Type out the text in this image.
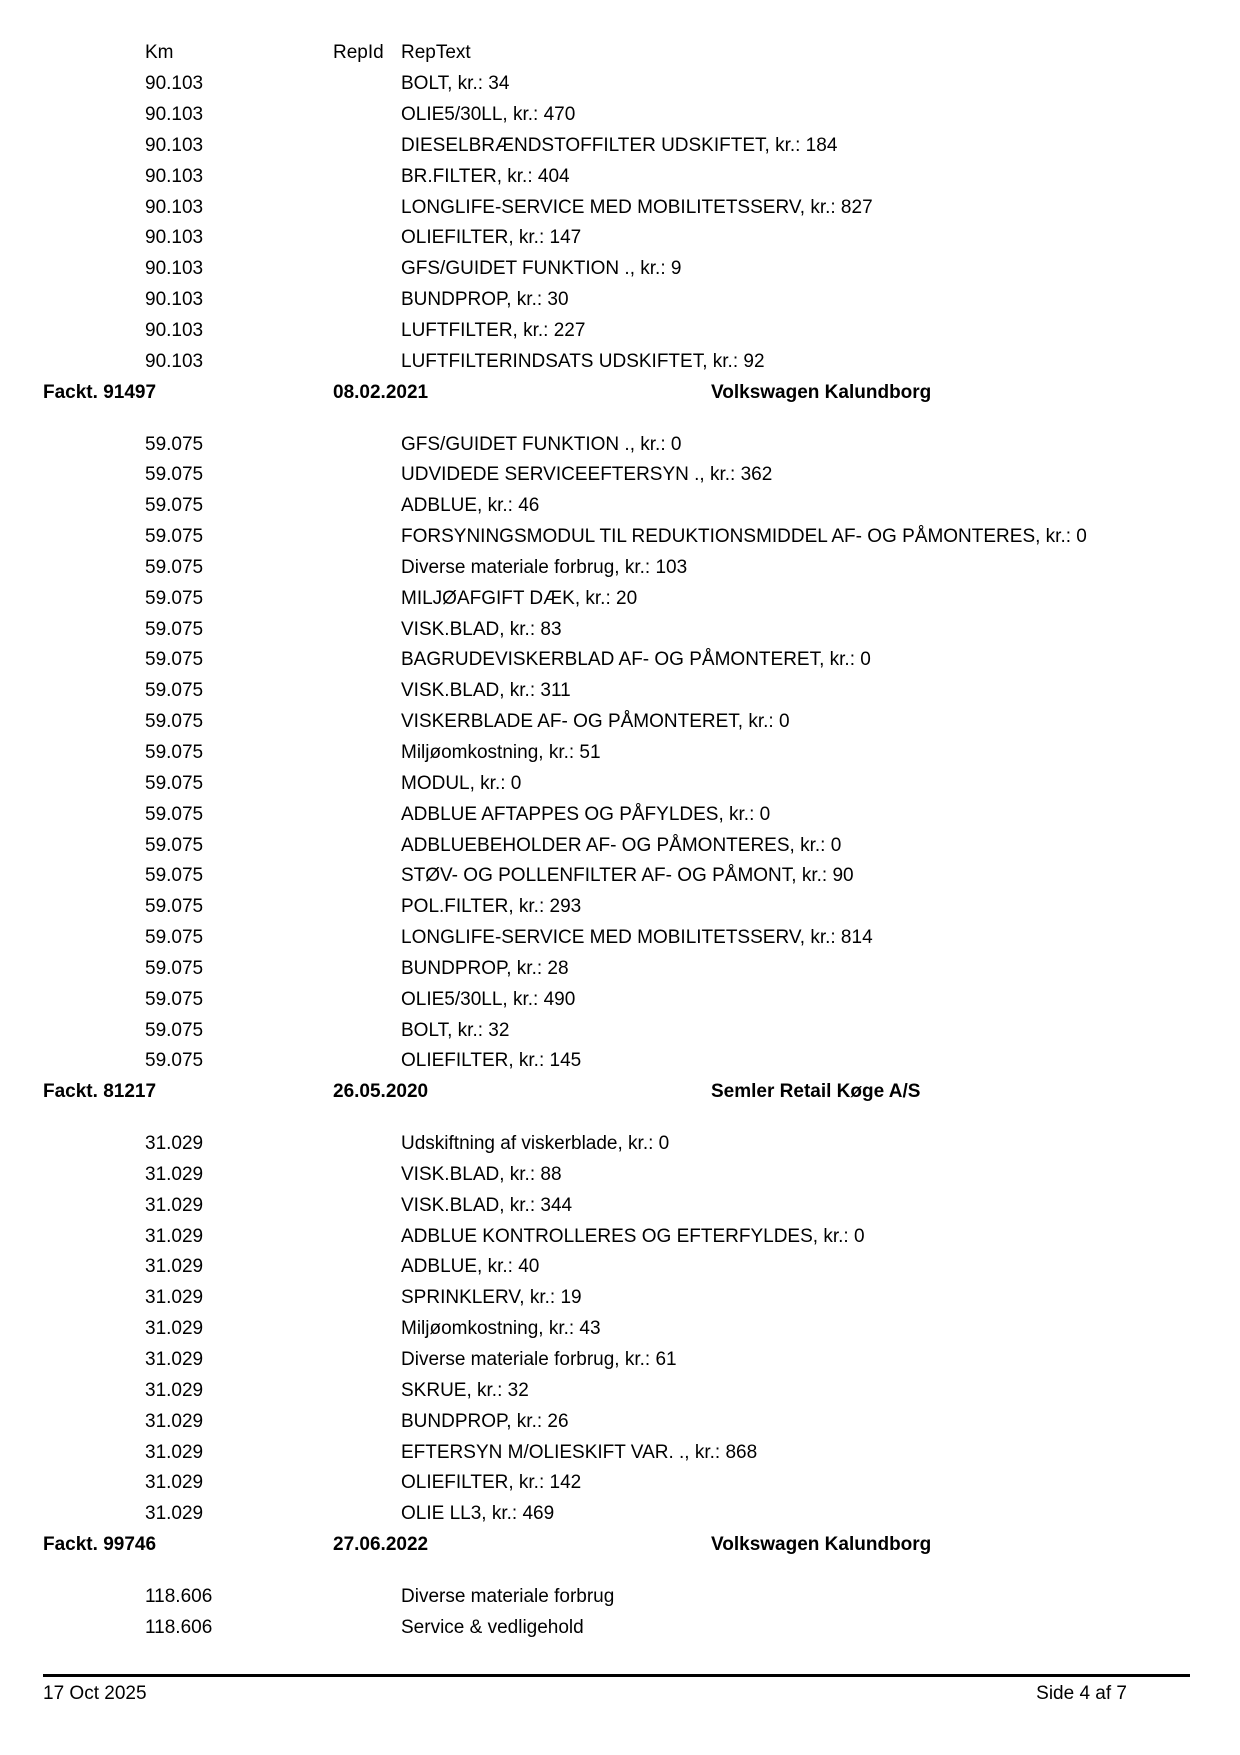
Km	RepId RepText
90.103	BOLT, kr.: 34
90.103	OLIE5/30LL, kr.: 470
90.103	DIESELBRÆNDSTOFFILTER UDSKIFTET, kr.: 184
90.103	BR.FILTER, kr.: 404
90.103	LONGLIFE-SERVICE MED MOBILITETSSERV, kr.: 827
90.103	OLIEFILTER, kr.: 147
90.103	GFS/GUIDET FUNKTION ., kr.: 9
90.103	BUNDPROP, kr.: 30
90.103	LUFTFILTER, kr.: 227
90.103	LUFTFILTERINDSATS UDSKIFTET, kr.: 92
Fackt. 91497	08.02.2021	Volkswagen Kalundborg
59.075	GFS/GUIDET FUNKTION ., kr.: 0
59.075	UDVIDEDE SERVICEEFTERSYN ., kr.: 362
59.075	ADBLUE, kr.: 46
59.075	FORSYNINGSMODUL TIL REDUKTIONSMIDDEL AF- OG PÅMONTERES, kr.: 0
59.075	Diverse materiale forbrug, kr.: 103
59.075	MILJØAFGIFT DÆK, kr.: 20
59.075	VISK.BLAD, kr.: 83
59.075	BAGRUDEVISKERBLAD AF- OG PÅMONTERET, kr.: 0
59.075	VISK.BLAD, kr.: 311
59.075	VISKERBLADE AF- OG PÅMONTERET, kr.: 0
59.075	Miljøomkostning, kr.: 51
59.075	MODUL, kr.: 0
59.075	ADBLUE AFTAPPES OG PÅFYLDES, kr.: 0
59.075	ADBLUEBEHOLDER AF- OG PÅMONTERES, kr.: 0
59.075	STØV- OG POLLENFILTER AF- OG PÅMONT, kr.: 90
59.075	POL.FILTER, kr.: 293
59.075	LONGLIFE-SERVICE MED MOBILITETSSERV, kr.: 814
59.075	BUNDPROP, kr.: 28
59.075	OLIE5/30LL, kr.: 490
59.075	BOLT, kr.: 32
59.075	OLIEFILTER, kr.: 145
Fackt. 81217	26.05.2020	Semler Retail Køge A/S
31.029	Udskiftning af viskerblade, kr.: 0
31.029	VISK.BLAD, kr.: 88
31.029	VISK.BLAD, kr.: 344
31.029	ADBLUE KONTROLLERES OG EFTERFYLDES, kr.: 0
31.029	ADBLUE, kr.: 40
31.029	SPRINKLERV, kr.: 19
31.029	Miljøomkostning, kr.: 43
31.029	Diverse materiale forbrug, kr.: 61
31.029	SKRUE, kr.: 32
31.029	BUNDPROP, kr.: 26
31.029	EFTERSYN M/OLIESKIFT VAR. ., kr.: 868
31.029	OLIEFILTER, kr.: 142
31.029	OLIE LL3, kr.: 469
Fackt. 99746	27.06.2022	Volkswagen Kalundborg
118.606	Diverse materiale forbrug
118.606	Service & vedligehold
17 Oct 2025	Side 4 af 7
